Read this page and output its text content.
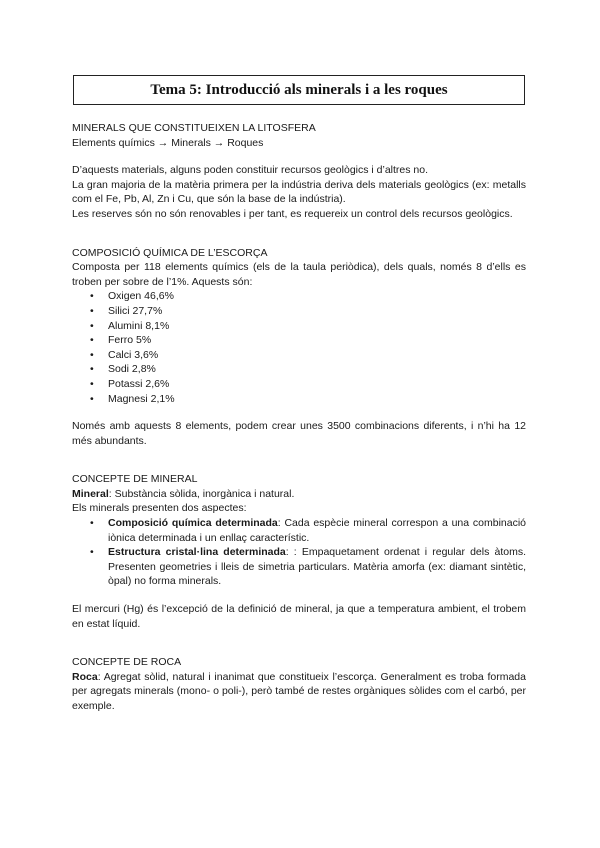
Tema 5: Introducció als minerals i a les roques

MINERALS QUE CONSTITUEIXEN LA LITOSFERA

Elements químics → Minerals → Roques

D’aquests materials, alguns poden constituir recursos geològics i d’altres no.

La gran majoria de la matèria primera per la indústria deriva dels materials geològics (ex: metalls com el Fe, Pb, Al, Zn i Cu, que són la base de la indústria).

Les reserves són no són renovables i per tant, es requereix un control dels recursos geològics.

COMPOSICIÓ QUÍMICA DE L’ESCORÇA

Composta per 118 elements químics (els de la taula periòdica), dels quals, només 8 d’ells es troben per sobre de l’1%. Aquests són:

• Oxigen 46,6%
• Silici 27,7%
• Alumini 8,1%
• Ferro 5%
• Calci 3,6%
• Sodi 2,8%
• Potassi 2,6%
• Magnesi 2,1%

Només amb aquests 8 elements, podem crear unes 3500 combinacions diferents, i n’hi ha 12 més abundants.

CONCEPTE DE MINERAL

Mineral: Substància sòlida, inorgànica i natural.

Els minerals presenten dos aspectes:

• Composició química determinada: Cada espècie mineral correspon a una combinació iònica determinada i un enllaç característic.
• Estructura cristal·lina determinada: : Empaquetament ordenat i regular dels àtoms. Presenten geometries i lleis de simetria particulars. Matèria amorfa (ex: diamant sintètic, òpal) no forma minerals.

El mercuri (Hg) és l’excepció de la definició de mineral, ja que a temperatura ambient, el trobem en estat líquid.

CONCEPTE DE ROCA

Roca: Agregat sòlid, natural i inanimat que constitueix l’escorça. Generalment es troba formada per agregats minerals (mono- o poli-), però també de restes orgàniques sòlides com el carbó, per exemple.
